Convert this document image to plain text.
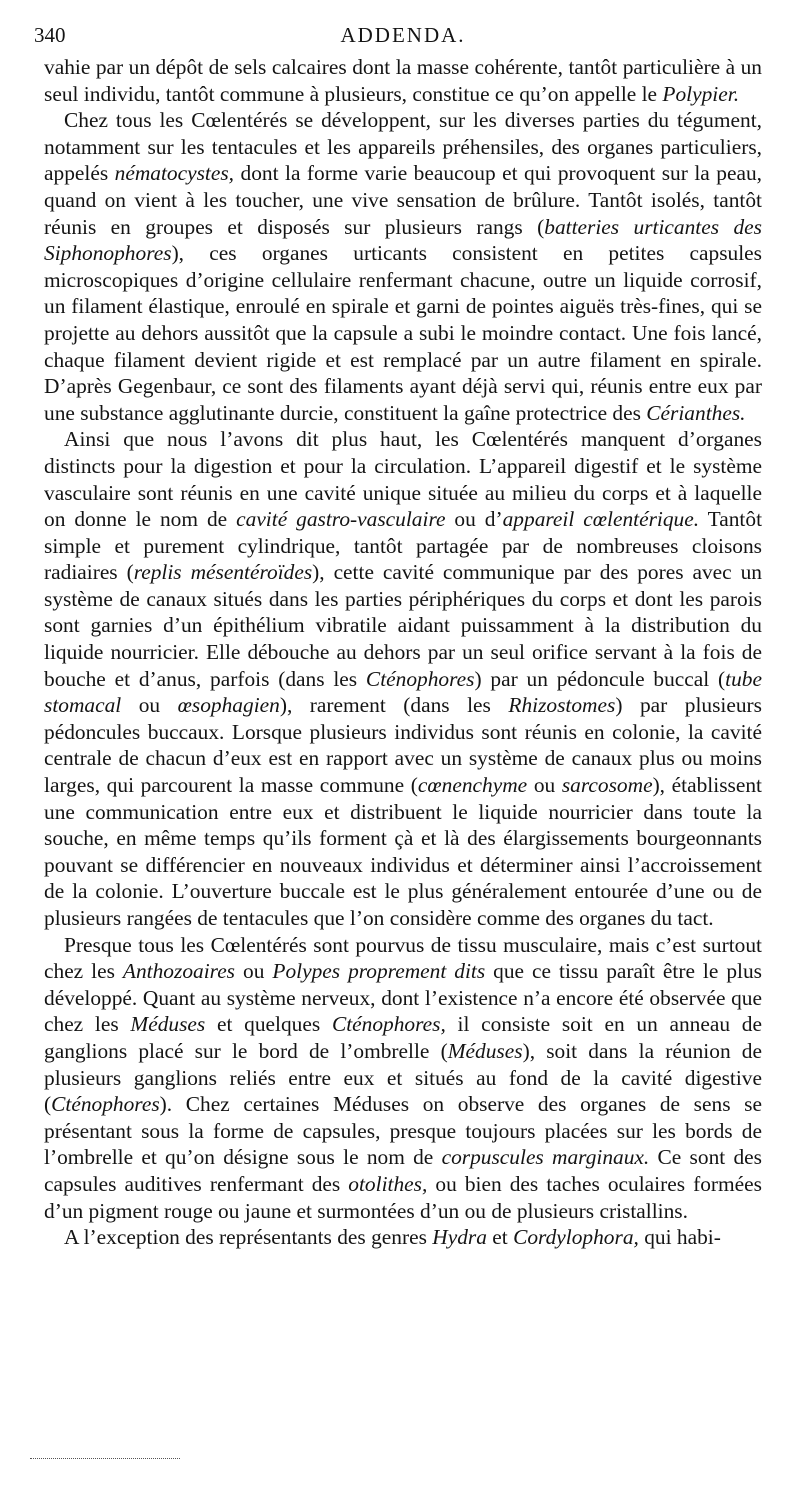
340	ADDENDA.

vahie par un dépôt de sels calcaires dont la masse cohérente, tantôt particulière à un seul individu, tantôt commune à plusieurs, constitue ce qu’on appelle le Polypier.

Chez tous les Cœlentérés se développent, sur les diverses parties du tégument, notamment sur les tentacules et les appareils préhensiles, des organes particuliers, appelés nématocystes, dont la forme varie beaucoup et qui provoquent sur la peau, quand on vient à les toucher, une vive sensation de brûlure. Tantôt isolés, tantôt réunis en groupes et disposés sur plusieurs rangs (batteries urticantes des Siphonophores), ces organes urticants consistent en petites capsules microscopiques d’origine cellulaire renfermant chacune, outre un liquide corrosif, un filament élastique, enroulé en spirale et garni de pointes aiguës très-fines, qui se projette au dehors aussitôt que la capsule a subi le moindre contact. Une fois lancé, chaque filament devient rigide et est remplacé par un autre filament en spirale. D’après Gegenbaur, ce sont des filaments ayant déjà servi qui, réunis entre eux par une substance agglutinante durcie, constituent la gaîne protectrice des Cérianthes.

Ainsi que nous l’avons dit plus haut, les Cœlentérés manquent d’organes distincts pour la digestion et pour la circulation. L’appareil digestif et le système vasculaire sont réunis en une cavité unique située au milieu du corps et à laquelle on donne le nom de cavité gastro-vasculaire ou d’appareil cœlentérique. Tantôt simple et purement cylindrique, tantôt partagée par de nombreuses cloisons radiaires (replis mésentéroïdes), cette cavité communique par des pores avec un système de canaux situés dans les parties périphériques du corps et dont les parois sont garnies d’un épithélium vibratile aidant puissamment à la distribution du liquide nourricier. Elle débouche au dehors par un seul orifice servant à la fois de bouche et d’anus, parfois (dans les Cténophores) par un pédoncule buccal (tube stomacal ou œsophagien), rarement (dans les Rhizostomes) par plusieurs pédoncules buccaux. Lorsque plusieurs individus sont réunis en colonie, la cavité centrale de chacun d’eux est en rapport avec un système de canaux plus ou moins larges, qui parcourent la masse commune (cœnenchyme ou sarcosome), établissent une communication entre eux et distribuent le liquide nourricier dans toute la souche, en même temps qu’ils forment çà et là des élargissements bourgeonnants pouvant se différencier en nouveaux individus et déterminer ainsi l’accroissement de la colonie. L’ouverture buccale est le plus généralement entourée d’une ou de plusieurs rangées de tentacules que l’on considère comme des organes du tact.

Presque tous les Cœlentérés sont pourvus de tissu musculaire, mais c’est surtout chez les Anthozoaires ou Polypes proprement dits que ce tissu paraît être le plus développé. Quant au système nerveux, dont l’existence n’a encore été observée que chez les Méduses et quelques Cténophores, il consiste soit en un anneau de ganglions placé sur le bord de l’ombrelle (Méduses), soit dans la réunion de plusieurs ganglions reliés entre eux et situés au fond de la cavité digestive (Cténophores). Chez certaines Méduses on observe des organes de sens se présentant sous la forme de capsules, presque toujours placées sur les bords de l’ombrelle et qu’on désigne sous le nom de corpuscules marginaux. Ce sont des capsules auditives renfermant des otolithes, ou bien des taches oculaires formées d’un pigment rouge ou jaune et surmontées d’un ou de plusieurs cristallins.

A l’exception des représentants des genres Hydra et Cordylophora, qui habi-
